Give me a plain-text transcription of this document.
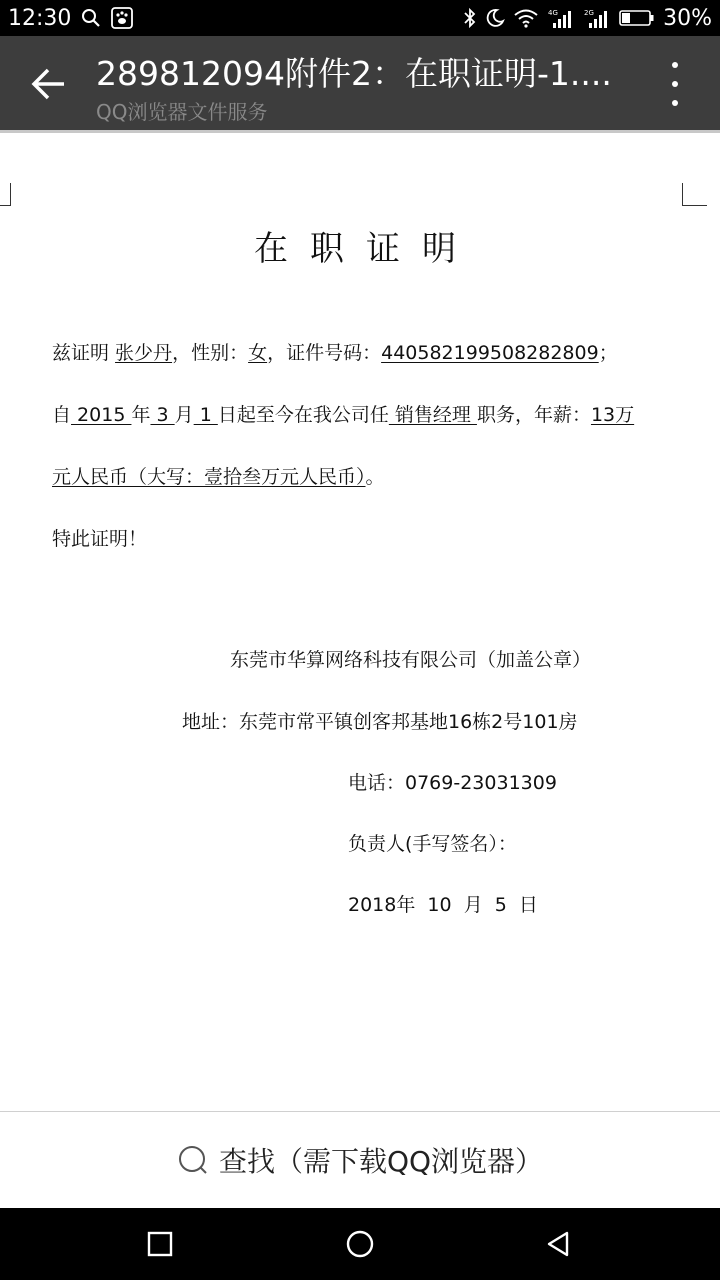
12:30	4G	2G	30%
289812094附件2：在职证明-1....
QQ浏览器文件服务
在职证明
兹证明 张少丹，性别：女，证件号码：440582199508282809；
自 2015 年 3 月 1 日起至今在我公司任 销售经理 职务，年薪：13万
元人民币（大写：壹拾叁万元人民币）。
特此证明！
东莞市华算网络科技有限公司（加盖公章）
地址：东莞市常平镇创客邦基地16栋2号101房
电话：0769-23031309
负责人(手写签名）：
2018年  10  月  5  日
查找（需下载QQ浏览器）
